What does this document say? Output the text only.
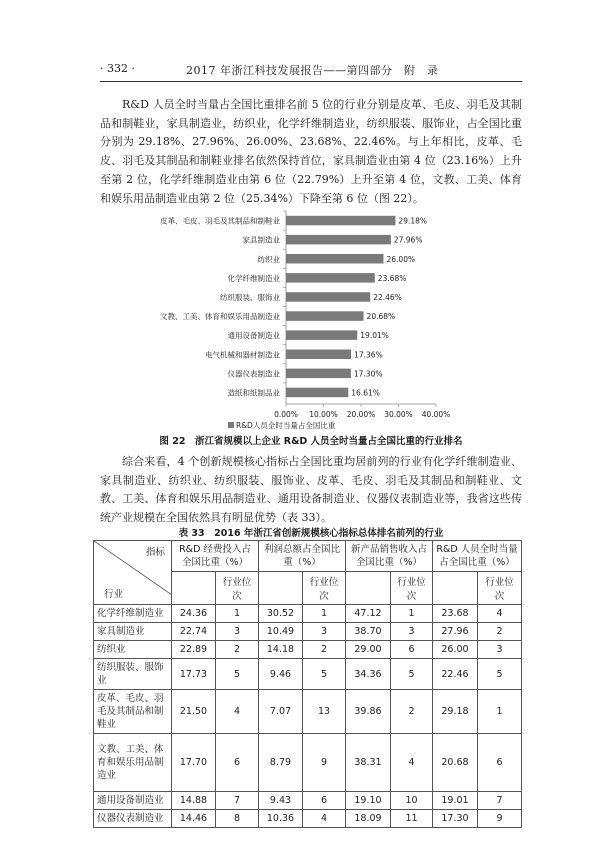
· 332 ·	2017 年浙江科技发展报告——第四部分　附　录

R&D 人员全时当量占全国比重排名前 5 位的行业分别是皮革、毛皮、羽毛及其制品和制鞋业，家具制造业，纺织业，化学纤维制造业，纺织服装、服饰业，占全国比重分别为 29.18%、27.96%、26.00%、23.68%、22.46%。与上年相比，皮革、毛皮、羽毛及其制品和制鞋业排名依然保持首位，家具制造业由第 4 位（23.16%）上升至第 2 位，化学纤维制造业由第 6 位（22.79%）上升至第 4 位，文教、工美、体育和娱乐用品制造业由第 2 位（25.34%）下降至第 6 位（图 22）。

皮革、毛皮、羽毛及其制品和制鞋业	29.18%
家具制造业	27.96%
纺织业	26.00%
化学纤维制造业	23.68%
纺织服装、服饰业	22.46%
文教、工美、体育和娱乐用品制造业	20.68%
通用设备制造业	19.01%
电气机械和器材制造业	17.36%
仪器仪表制造业	17.30%
造纸和纸制品业	16.61%
0.00% 10.00% 20.00% 30.00% 40.00%
R&D人员全时当量占全国比重
图 22　浙江省规模以上企业 R&D 人员全时当量占全国比重的行业排名

综合来看，4 个创新规模核心指标占全国比重均居前列的行业有化学纤维制造业、家具制造业、纺织业、纺织服装、服饰业、皮革、毛皮、羽毛及其制品和制鞋业、文教、工美、体育和娱乐用品制造业、通用设备制造业、仪器仪表制造业等，我省这些传统产业规模在全国依然具有明显优势（表 33）。

表 33　2016 年浙江省创新规模核心指标总体排名前列的行业
指标
行业	R&D 经费投入占全国比重（%）		利润总额占全国比重（%）		新产品销售收入占全国比重（%）		R&D 人员全时当量占全国比重（%）	
		行业位次		行业位次		行业位次		行业位次
化学纤维制造业	24.36	1	30.52	1	47.12	1	23.68	4
家具制造业	22.74	3	10.49	3	38.70	3	27.96	2
纺织业	22.89	2	14.18	2	29.00	6	26.00	3
纺织服装、服饰业	17.73	5	9.46	5	34.36	5	22.46	5
皮革、毛皮、羽毛及其制品和制鞋业	21.50	4	7.07	13	39.86	2	29.18	1
文教、工美、体育和娱乐用品制造业	17.70	6	8.79	9	38.31	4	20.68	6
通用设备制造业	14.88	7	9.43	6	19.10	10	19.01	7
仪器仪表制造业	14.46	8	10.36	4	18.09	11	17.30	9
